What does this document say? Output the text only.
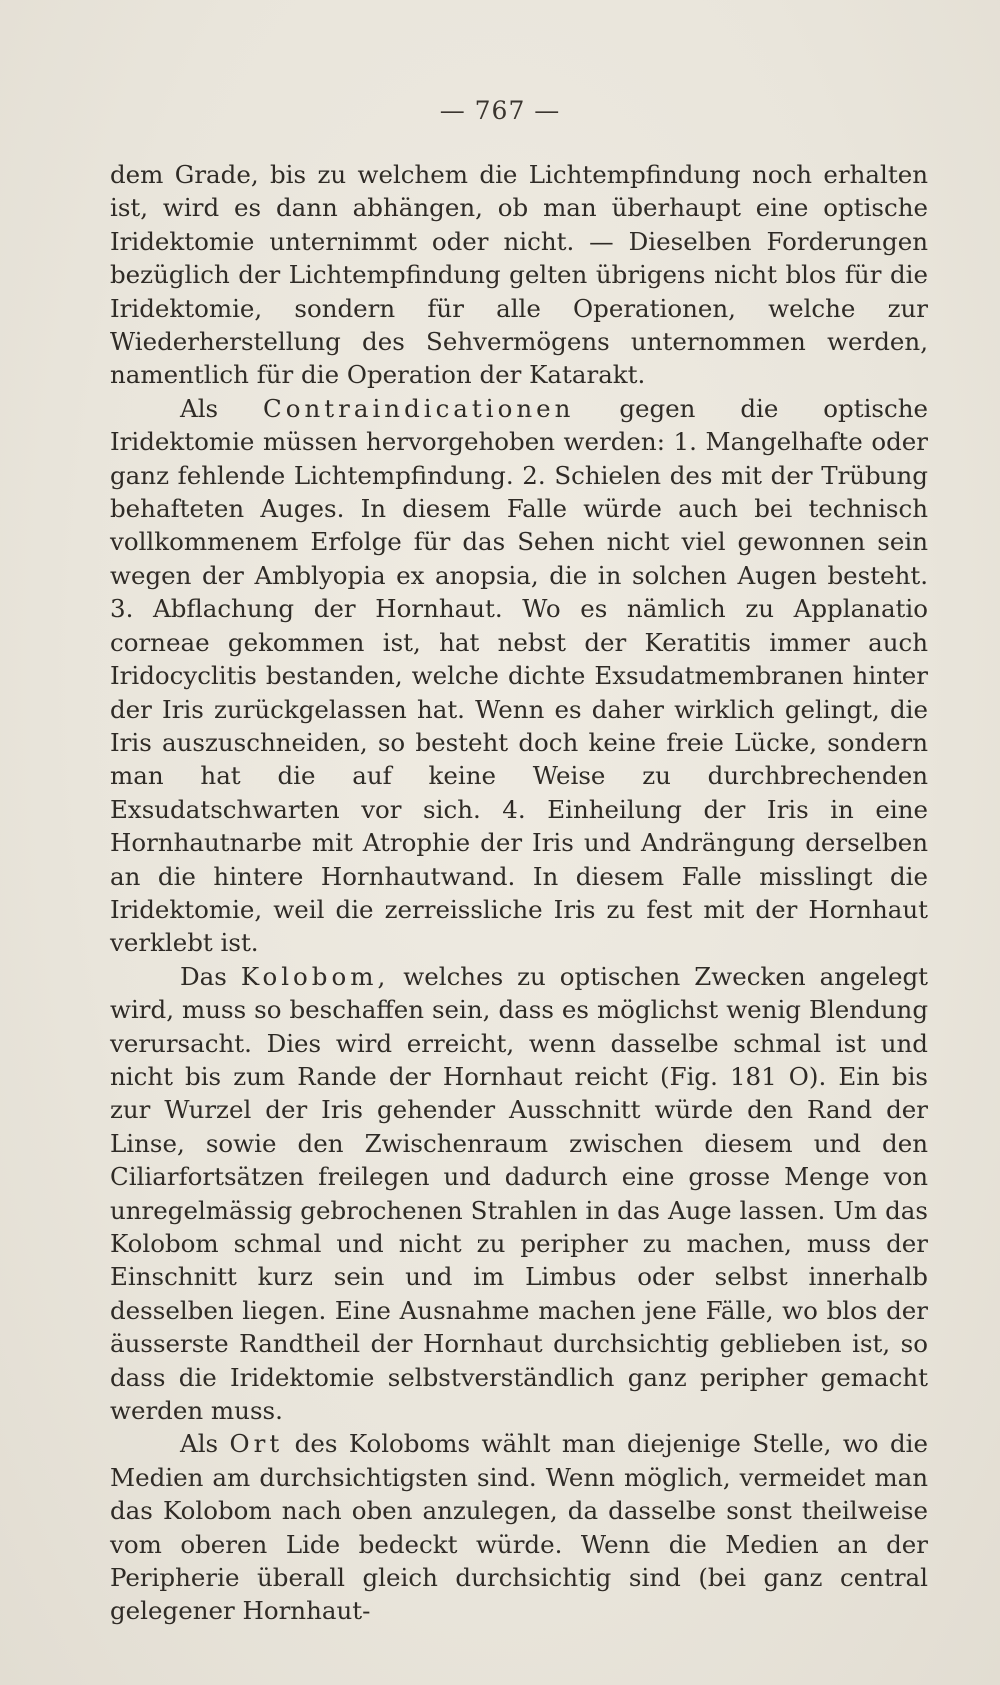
— 767 —

dem Grade, bis zu welchem die Lichtempfindung noch erhalten ist, wird es dann abhängen, ob man überhaupt eine optische Iridektomie unternimmt oder nicht. — Dieselben Forderungen bezüglich der Lichtempfindung gelten übrigens nicht blos für die Iridektomie, sondern für alle Operationen, welche zur Wiederherstellung des Sehvermögens unternommen werden, namentlich für die Operation der Katarakt.

Als Contraindicationen gegen die optische Iridektomie müssen hervorgehoben werden: 1. Mangelhafte oder ganz fehlende Lichtempfindung. 2. Schielen des mit der Trübung behafteten Auges. In diesem Falle würde auch bei technisch vollkommenem Erfolge für das Sehen nicht viel gewonnen sein wegen der Amblyopia ex anopsia, die in solchen Augen besteht. 3. Abflachung der Hornhaut. Wo es nämlich zu Applanatio corneae gekommen ist, hat nebst der Keratitis immer auch Iridocyclitis bestanden, welche dichte Exsudatmembranen hinter der Iris zurückgelassen hat. Wenn es daher wirklich gelingt, die Iris auszuschneiden, so besteht doch keine freie Lücke, sondern man hat die auf keine Weise zu durchbrechenden Exsudatschwarten vor sich. 4. Einheilung der Iris in eine Hornhautnarbe mit Atrophie der Iris und Andrängung derselben an die hintere Hornhautwand. In diesem Falle misslingt die Iridektomie, weil die zerreissliche Iris zu fest mit der Hornhaut verklebt ist.

Das Kolobom, welches zu optischen Zwecken angelegt wird, muss so beschaffen sein, dass es möglichst wenig Blendung verursacht. Dies wird erreicht, wenn dasselbe schmal ist und nicht bis zum Rande der Hornhaut reicht (Fig. 181 O). Ein bis zur Wurzel der Iris gehender Ausschnitt würde den Rand der Linse, sowie den Zwischenraum zwischen diesem und den Ciliarfortsätzen freilegen und dadurch eine grosse Menge von unregelmässig gebrochenen Strahlen in das Auge lassen. Um das Kolobom schmal und nicht zu peripher zu machen, muss der Einschnitt kurz sein und im Limbus oder selbst innerhalb desselben liegen. Eine Ausnahme machen jene Fälle, wo blos der äusserste Randtheil der Hornhaut durchsichtig geblieben ist, so dass die Iridektomie selbstverständlich ganz peripher gemacht werden muss.

Als Ort des Koloboms wählt man diejenige Stelle, wo die Medien am durchsichtigsten sind. Wenn möglich, vermeidet man das Kolobom nach oben anzulegen, da dasselbe sonst theilweise vom oberen Lide bedeckt würde. Wenn die Medien an der Peripherie überall gleich durchsichtig sind (bei ganz central gelegener Hornhaut-
